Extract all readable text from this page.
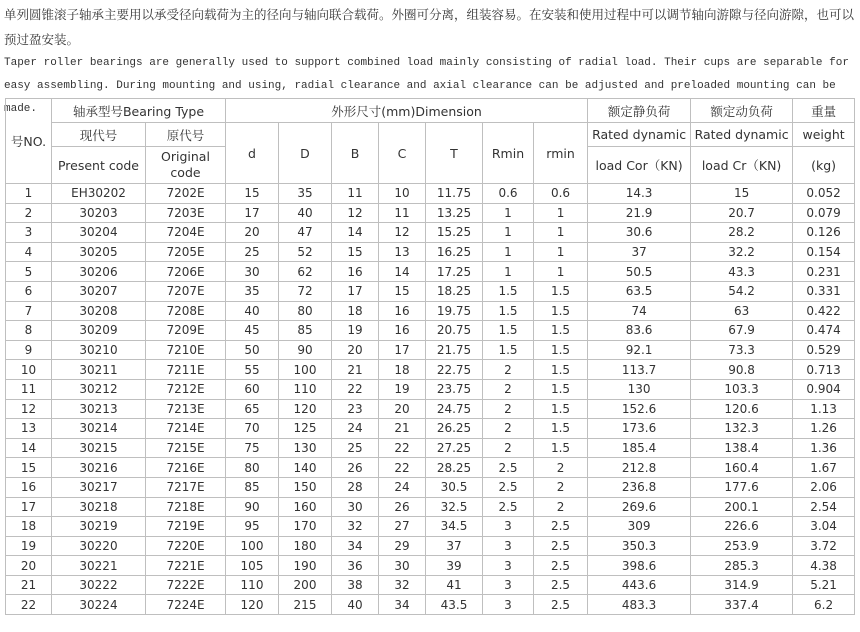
单列圆锥滚子轴承主要用以承受径向载荷为主的径向与轴向联合载荷。外圈可分离，组装容易。在安装和使用过程中可以调节轴向游隙与径向游隙，也可以预过盈安装。
Taper roller bearings are generally used to support combined load mainly consisting of radial load. Their cups are separable for easy assembling. During mounting and using, radial clearance and axial clearance can be adjusted and preloaded mounting can be made.
号NO.	轴承型号Bearing Type		外形尺寸(mm)Dimension							额定静负荷	额定动负荷	重量
	现代号	原代号	d	D	B	C	T	Rmin	rmin	Rated dynamic	Rated dynamic	weight
	Present code	Original code								load Cor（KN)	load Cr（KN)	(kg)
1	EH30202	7202E	15	35	11	10	11.75	0.6	0.6	14.3	15	0.052
2	30203	7203E	17	40	12	11	13.25	1	1	21.9	20.7	0.079
3	30204	7204E	20	47	14	12	15.25	1	1	30.6	28.2	0.126
4	30205	7205E	25	52	15	13	16.25	1	1	37	32.2	0.154
5	30206	7206E	30	62	16	14	17.25	1	1	50.5	43.3	0.231
6	30207	7207E	35	72	17	15	18.25	1.5	1.5	63.5	54.2	0.331
7	30208	7208E	40	80	18	16	19.75	1.5	1.5	74	63	0.422
8	30209	7209E	45	85	19	16	20.75	1.5	1.5	83.6	67.9	0.474
9	30210	7210E	50	90	20	17	21.75	1.5	1.5	92.1	73.3	0.529
10	30211	7211E	55	100	21	18	22.75	2	1.5	113.7	90.8	0.713
11	30212	7212E	60	110	22	19	23.75	2	1.5	130	103.3	0.904
12	30213	7213E	65	120	23	20	24.75	2	1.5	152.6	120.6	1.13
13	30214	7214E	70	125	24	21	26.25	2	1.5	173.6	132.3	1.26
14	30215	7215E	75	130	25	22	27.25	2	1.5	185.4	138.4	1.36
15	30216	7216E	80	140	26	22	28.25	2.5	2	212.8	160.4	1.67
16	30217	7217E	85	150	28	24	30.5	2.5	2	236.8	177.6	2.06
17	30218	7218E	90	160	30	26	32.5	2.5	2	269.6	200.1	2.54
18	30219	7219E	95	170	32	27	34.5	3	2.5	309	226.6	3.04
19	30220	7220E	100	180	34	29	37	3	2.5	350.3	253.9	3.72
20	30221	7221E	105	190	36	30	39	3	2.5	398.6	285.3	4.38
21	30222	7222E	110	200	38	32	41	3	2.5	443.6	314.9	5.21
22	30224	7224E	120	215	40	34	43.5	3	2.5	483.3	337.4	6.2
